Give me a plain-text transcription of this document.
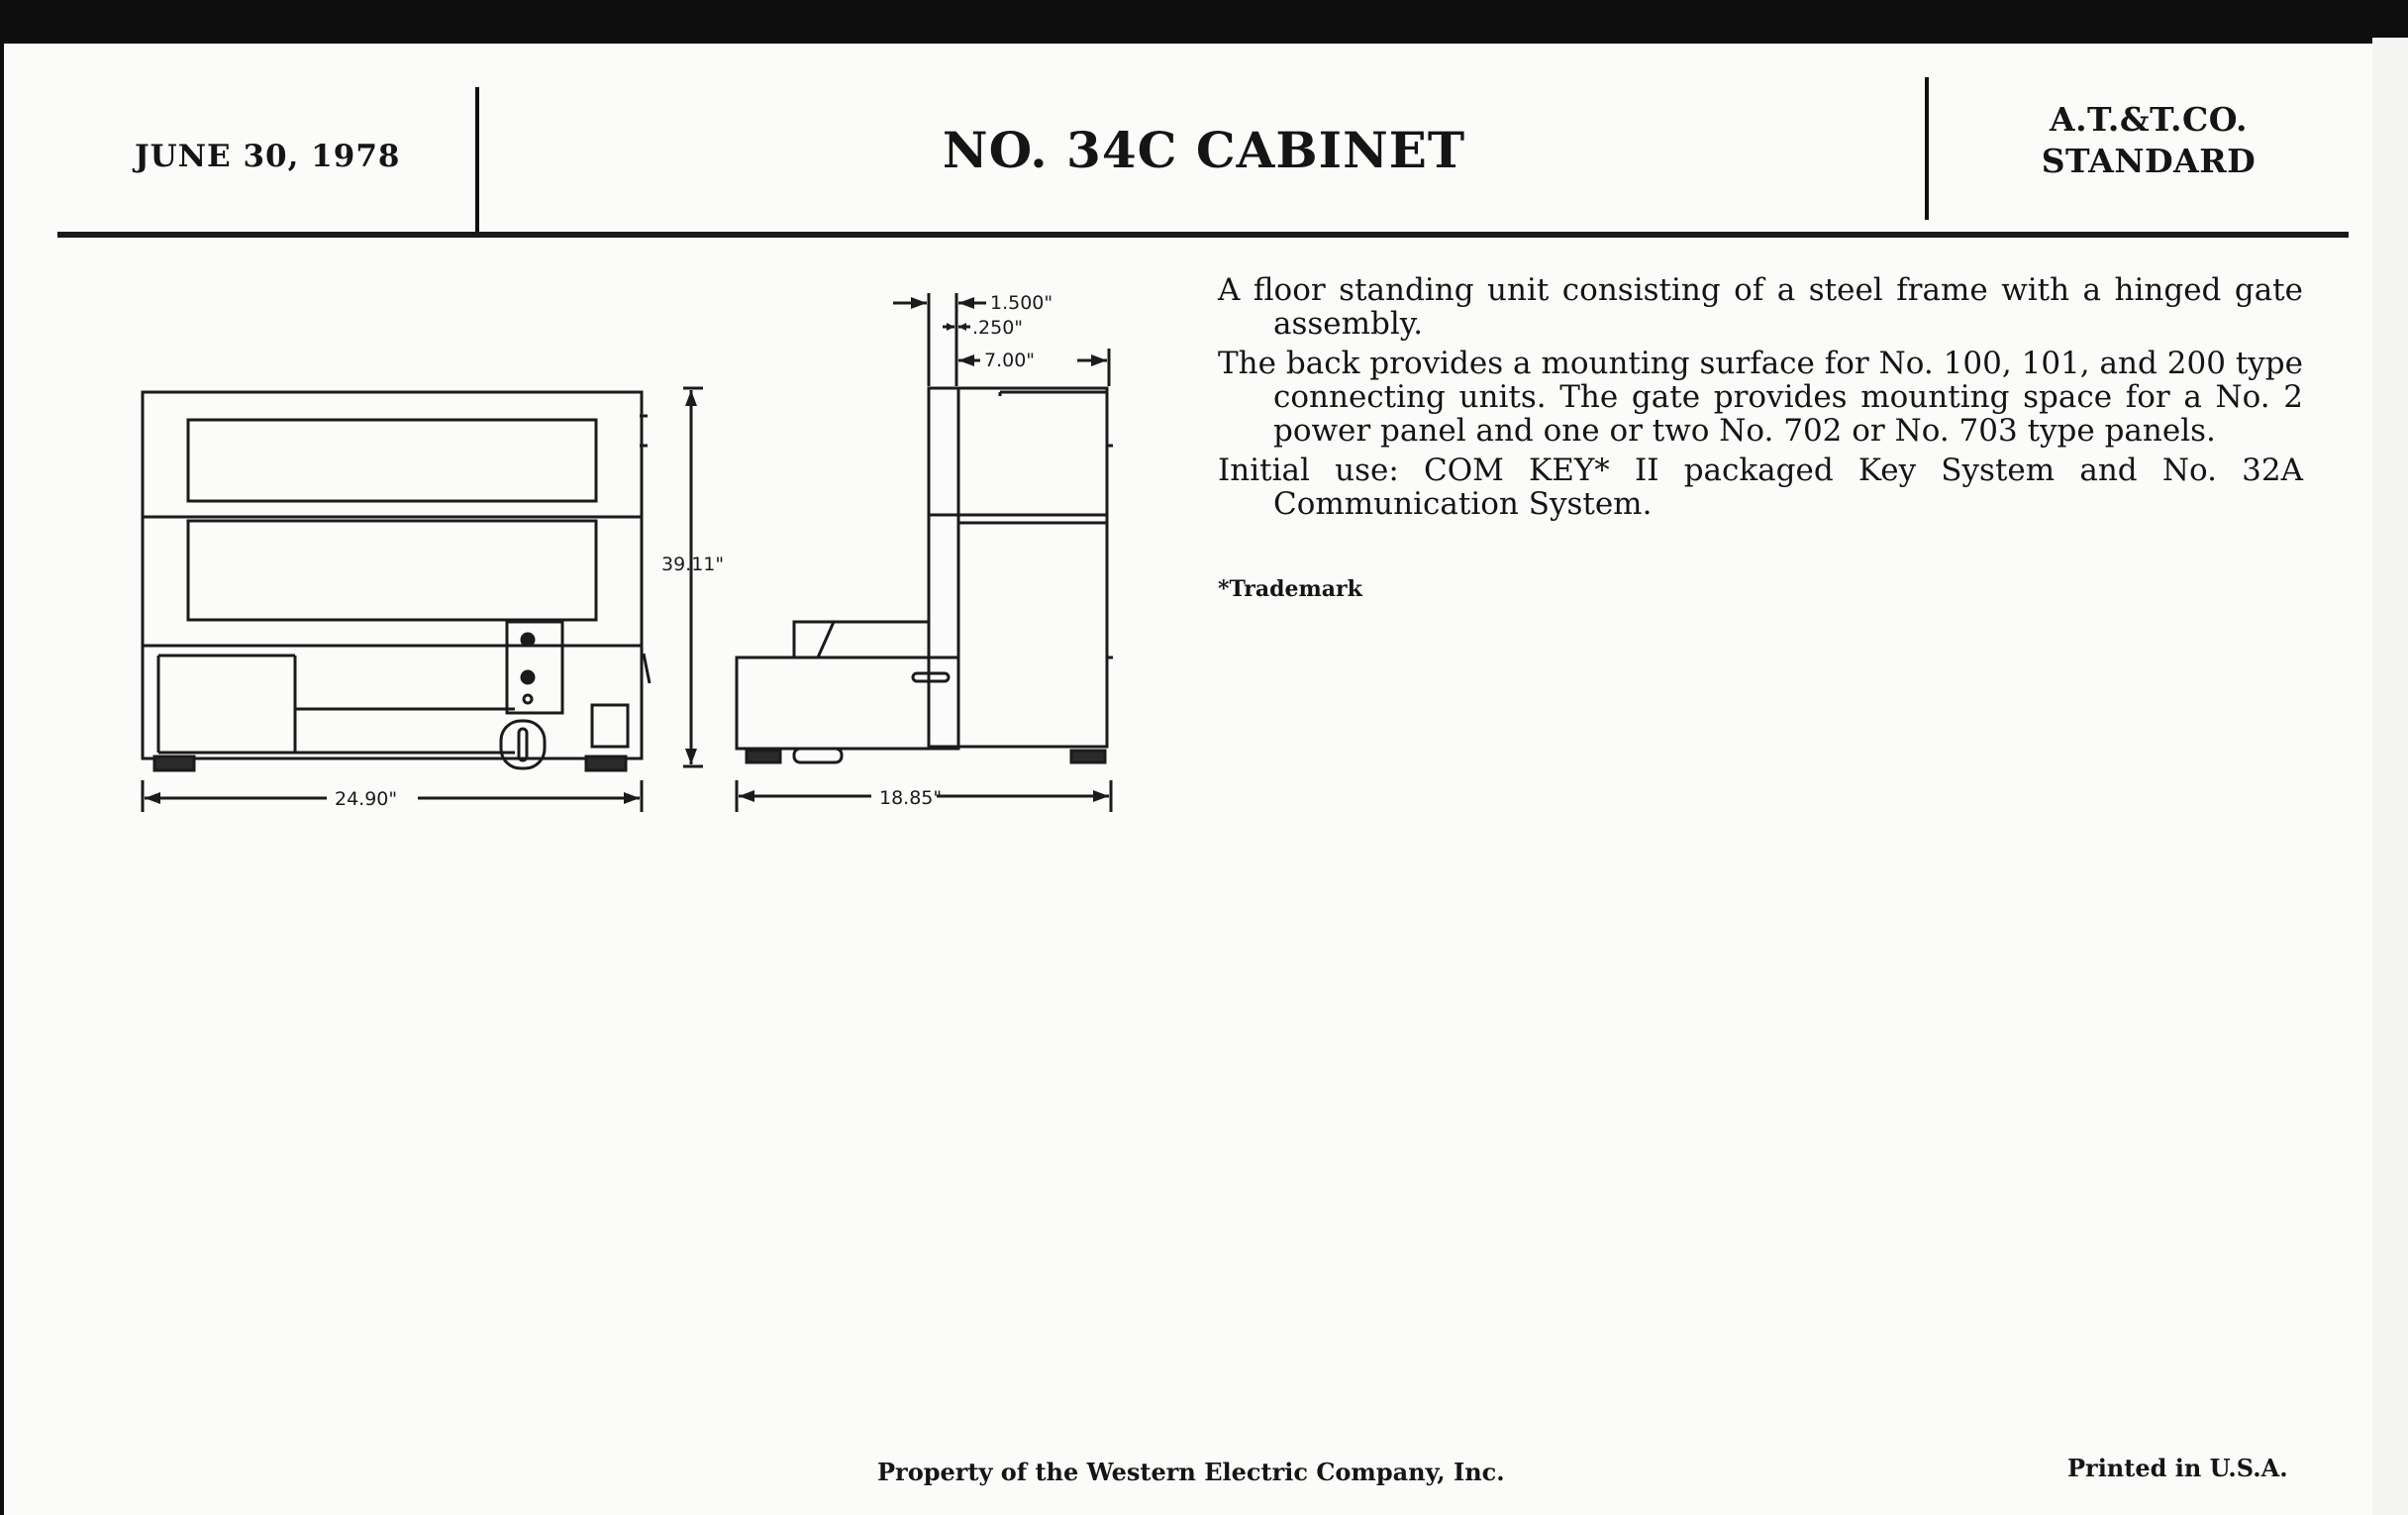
JUNE 30, 1978	NO. 34C CABINET
A.T.&T.CO.
STANDARD
24.90"
39.11"
18.85"
1.500"
.250"
7.00"

A floor standing unit consisting of a steel frame with a hinged gate assembly.

The back provides a mounting surface for No. 100, 101, and 200 type connecting units. The gate provides mounting space for a No. 2 power panel and one or two No. 702 or No. 703 type panels.

Initial use: COM KEY* II packaged Key System and No. 32A Communication System.

*Trademark
Property of the Western Electric Company, Inc.	Printed in U.S.A.
